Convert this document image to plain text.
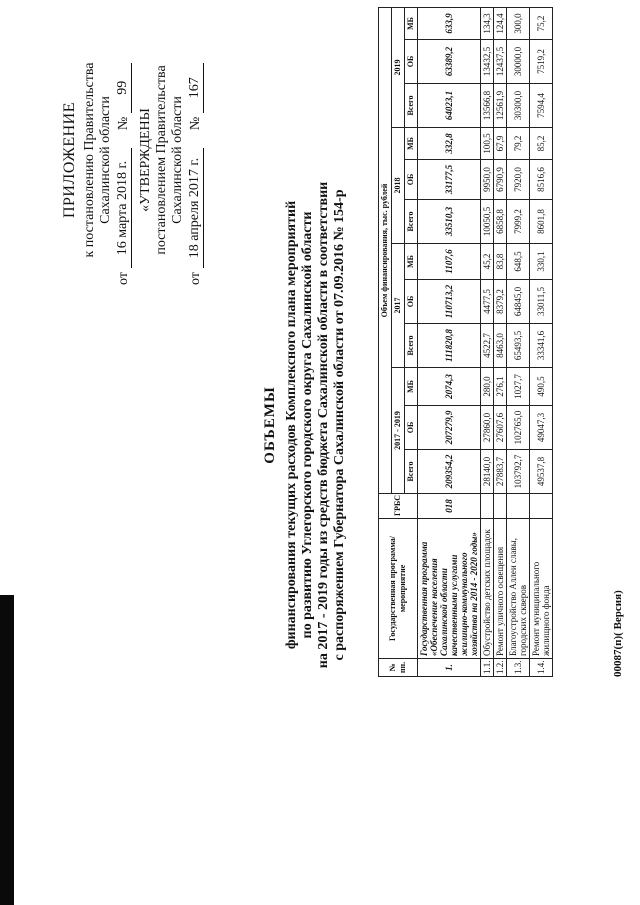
ПРИЛОЖЕНИЕ к постановлению Правительства Сахалинской области
от
16 марта 2018 г.
№
99
«УТВЕРЖДЕНЫ постановлением Правительства Сахалинской области
от
18 апреля 2017 г.
№
167
ОБЪЕМЫ финансирования текущих расходов Комплексного плана мероприятий по развитию Углегорского городского округа Сахалинской области на 2017 - 2019 годы из средств бюджета Сахалинской области в соответствии с распоряжением Губернатора Сахалинской области от 07.09.2016 № 154-р
№ пп.	Государственная программа/мероприятие	ГРБС	Объем финансирования, тыс. рублей											
			2017 - 2019			2017			2018			2019		
			Всего	ОБ	МБ	Всего	ОБ	МБ	Всего	ОБ	МБ	Всего	ОБ	МБ
1.	Государственная программа «Обеспечение населения Сахалинской области качественными услугами жилищно-коммунального хозяйства на 2014 - 2020 годы»	018	209354,2	207279,9	2074,3	111820,8	110713,2	1107,6	33510,3	33177,5	332,8	64023,1	63389,2	633,9
1.1.	Обустройство детских площадок		28140,0	27860,0	280,0	4522,7	4477,5	45,2	10050,5	9950,0	100,5	13566,8	13432,5	134,3
1.2.	Ремонт уличного освещения		27883,7	27607,6	276,1	8463,0	8379,2	83,8	6858,8	6790,9	67,9	12561,9	12437,5	124,4
1.3.	Благоустройство Аллеи славы, городских скверов		103792,7	102765,0	1027,7	65493,5	64845,0	648,5	7999,2	7920,0	79,2	30300,0	30000,0	300,0
1.4.	Ремонт муниципального жилищного фонда		49537,8	49047,3	490,5	33341,6	33011,5	330,1	8601,8	8516,6	85,2	7594,4	7519,2	75,2
00087(п)( Версия)
